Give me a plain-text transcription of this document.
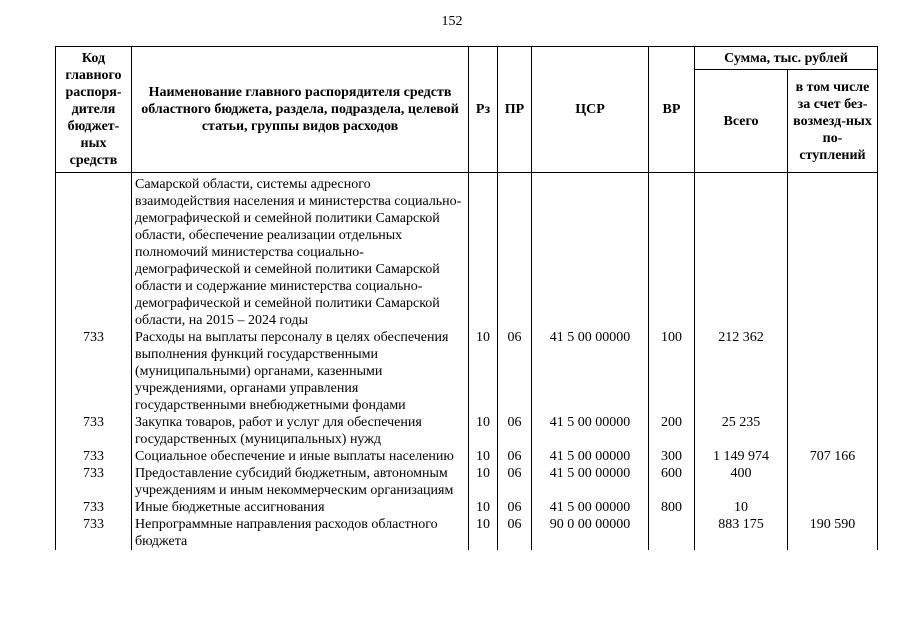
152
Код главного распоря-дителя бюджет-ных средств	Наименование главного распорядителя средств областного бюджета, раздела, подраздела, целевой статьи, группы видов расходов	Рз	ПР	ЦСР	ВР	Сумма, тыс. рублей	
						Всего	в том числе за счет без-возмезд-ных по-ступлений
	Самарской области, системы адресного взаимодействия населения и министерства социально-демографической и семейной политики Самарской области, обеспечение реализации отдельных полномочий министерства социально-демографической и семейной политики Самарской области и содержание министерства социально-демографической и семейной политики Самарской области, на 2015 – 2024 годы						
733	Расходы на выплаты персоналу в целях обеспечения выполнения функций государственными (муниципальными) органами, казенными учреждениями, органами управления государственными внебюджетными фондами	10	06	41 5 00 00000	100	212 362	
733	Закупка товаров, работ и услуг для обеспечения государственных (муниципальных) нужд	10	06	41 5 00 00000	200	25 235	
733	Социальное обеспечение и иные выплаты населению	10	06	41 5 00 00000	300	1 149 974	707 166
733	Предоставление субсидий бюджетным, автономным учреждениям и иным некоммерческим организациям	10	06	41 5 00 00000	600	400	
733	Иные бюджетные ассигнования	10	06	41 5 00 00000	800	10	
733	Непрограммные направления расходов областного бюджета	10	06	90 0 00 00000		883 175	190 590
